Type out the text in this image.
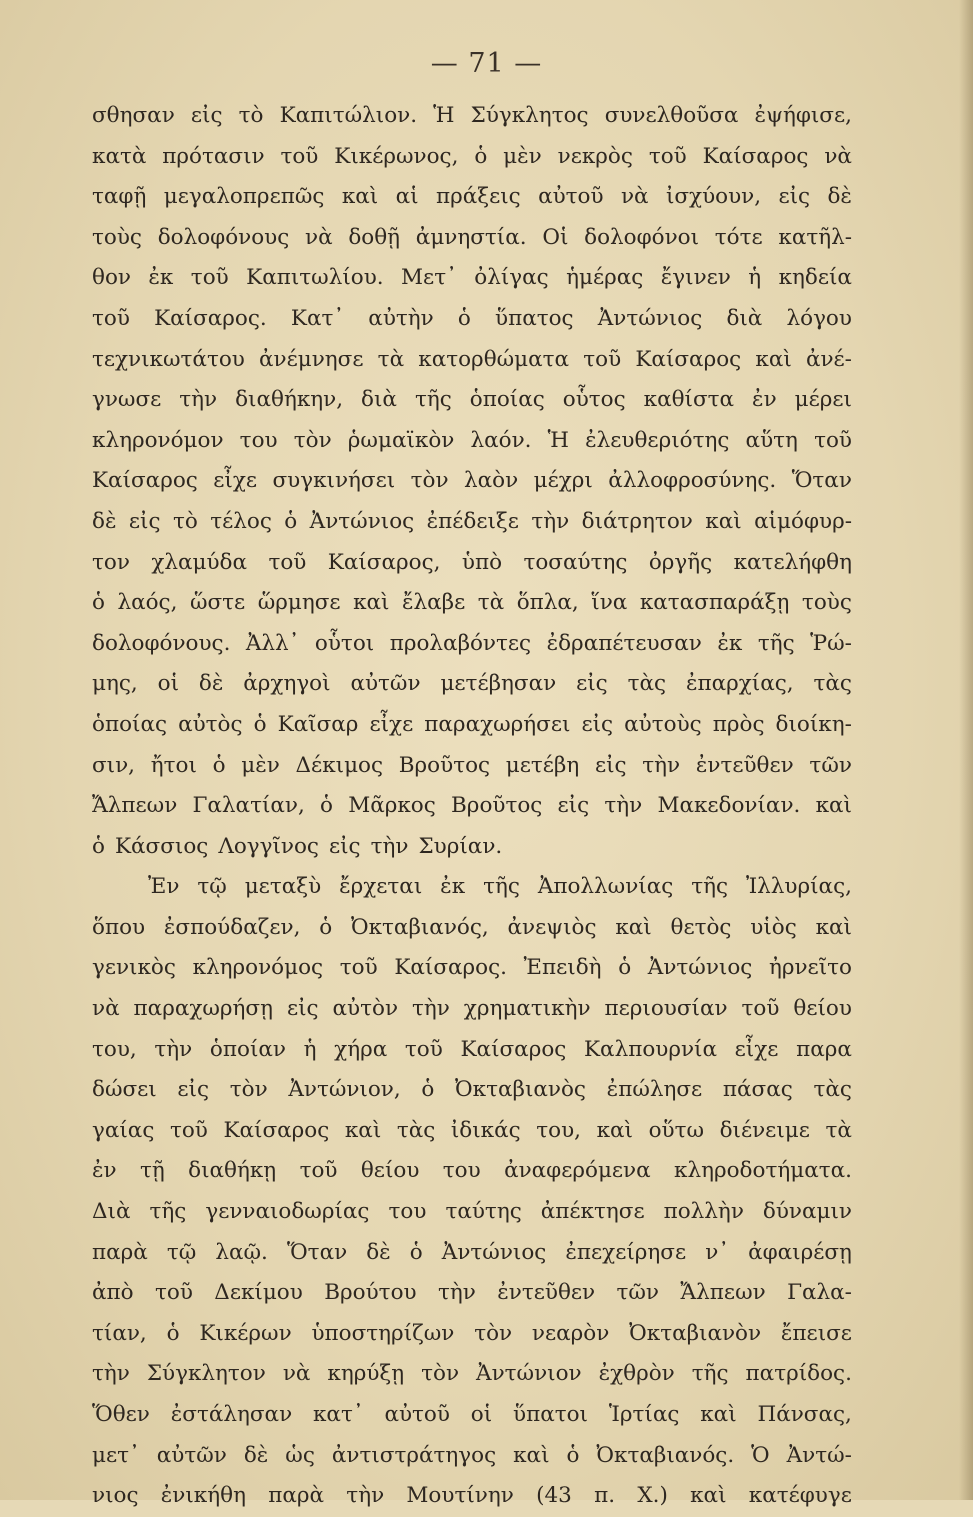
— 71 —
σθησαν εἰς τὸ Καπιτώλιον. Ἡ Σύγκλητος συνελθοῦσα ἐψήφισε,
κατὰ πρότασιν τοῦ Κικέρωνος, ὁ μὲν νεκρὸς τοῦ Καίσαρος νὰ
ταφῇ μεγαλοπρεπῶς καὶ αἱ πράξεις αὐτοῦ νὰ ἰσχύουν, εἰς δὲ
τοὺς δολοφόνους νὰ δοθῇ ἀμνηστία. Οἱ δολοφόνοι τότε κατῆλ-
θον ἐκ τοῦ Καπιτωλίου. Μετ᾽ ὀλίγας ἡμέρας ἔγινεν ἡ κηδεία
τοῦ Καίσαρος. Κατ᾽ αὐτὴν ὁ ὕπατος Ἀντώνιος διὰ λόγου
τεχνικωτάτου ἀνέμνησε τὰ κατορθώματα τοῦ Καίσαρος καὶ ἀνέ-
γνωσε τὴν διαθήκην, διὰ τῆς ὁποίας οὗτος καθίστα ἐν μέρει
κληρονόμον του τὸν ῥωμαϊκὸν λαόν. Ἡ ἐλευθεριότης αὕτη τοῦ
Καίσαρος εἶχε συγκινήσει τὸν λαὸν μέχρι ἀλλοφροσύνης. Ὅταν
δὲ εἰς τὸ τέλος ὁ Ἀντώνιος ἐπέδειξε τὴν διάτρητον καὶ αἱμόφυρ-
τον χλαμύδα τοῦ Καίσαρος, ὑπὸ τοσαύτης ὀργῆς κατελήφθη
ὁ λαός, ὥστε ὥρμησε καὶ ἔλαβε τὰ ὅπλα, ἵνα κατασπαράξῃ τοὺς
δολοφόνους. Ἀλλ᾽ οὗτοι προλαβόντες ἐδραπέτευσαν ἐκ τῆς Ῥώ-
μης, οἱ δὲ ἀρχηγοὶ αὐτῶν μετέβησαν εἰς τὰς ἐπαρχίας, τὰς
ὁποίας αὐτὸς ὁ Καῖσαρ εἶχε παραχωρήσει εἰς αὐτοὺς πρὸς διοίκη-
σιν, ἤτοι ὁ μὲν Δέκιμος Βροῦτος μετέβη εἰς τὴν ἐντεῦθεν τῶν
Ἄλπεων Γαλατίαν, ὁ Μᾶρκος Βροῦτος εἰς τὴν Μακεδονίαν. καὶ
ὁ Κάσσιος Λογγῖνος εἰς τὴν Συρίαν.
Ἐν τῷ μεταξὺ ἔρχεται ἐκ τῆς Ἀπολλωνίας τῆς Ἰλλυρίας,
ὅπου ἐσπούδαζεν, ὁ Ὀκταβιανός, ἀνεψιὸς καὶ θετὸς υἱὸς καὶ
γενικὸς κληρονόμος τοῦ Καίσαρος. Ἐπειδὴ ὁ Ἀντώνιος ἠρνεῖτο
νὰ παραχωρήσῃ εἰς αὐτὸν τὴν χρηματικὴν περιουσίαν τοῦ θείου
του, τὴν ὁποίαν ἡ χήρα τοῦ Καίσαρος Καλπουρνία εἶχε παρα
δώσει εἰς τὸν Ἀντώνιον, ὁ Ὀκταβιανὸς ἐπώλησε πάσας τὰς
γαίας τοῦ Καίσαρος καὶ τὰς ἰδικάς του, καὶ οὕτω διένειμε τὰ
ἐν τῇ διαθήκῃ τοῦ θείου του ἀναφερόμενα κληροδοτήματα.
Διὰ τῆς γενναιοδωρίας του ταύτης ἀπέκτησε πολλὴν δύναμιν
παρὰ τῷ λαῷ. Ὅταν δὲ ὁ Ἀντώνιος ἐπεχείρησε ν᾽ ἀφαιρέσῃ
ἀπὸ τοῦ Δεκίμου Βρούτου τὴν ἐντεῦθεν τῶν Ἄλπεων Γαλα-
τίαν, ὁ Κικέρων ὑποστηρίζων τὸν νεαρὸν Ὀκταβιανὸν ἔπεισε
τὴν Σύγκλητον νὰ κηρύξῃ τὸν Ἀντώνιον ἐχθρὸν τῆς πατρίδος.
Ὅθεν ἐστάλησαν κατ᾽ αὐτοῦ οἱ ὕπατοι Ἱρτίας καὶ Πάνσας,
μετ᾽ αὐτῶν δὲ ὡς ἀντιστράτηγος καὶ ὁ Ὀκταβιανός. Ὁ Ἀντώ-
νιος ἐνικήθη παρὰ τὴν Μουτίνην (43 π. Χ.) καὶ κατέφυγε
